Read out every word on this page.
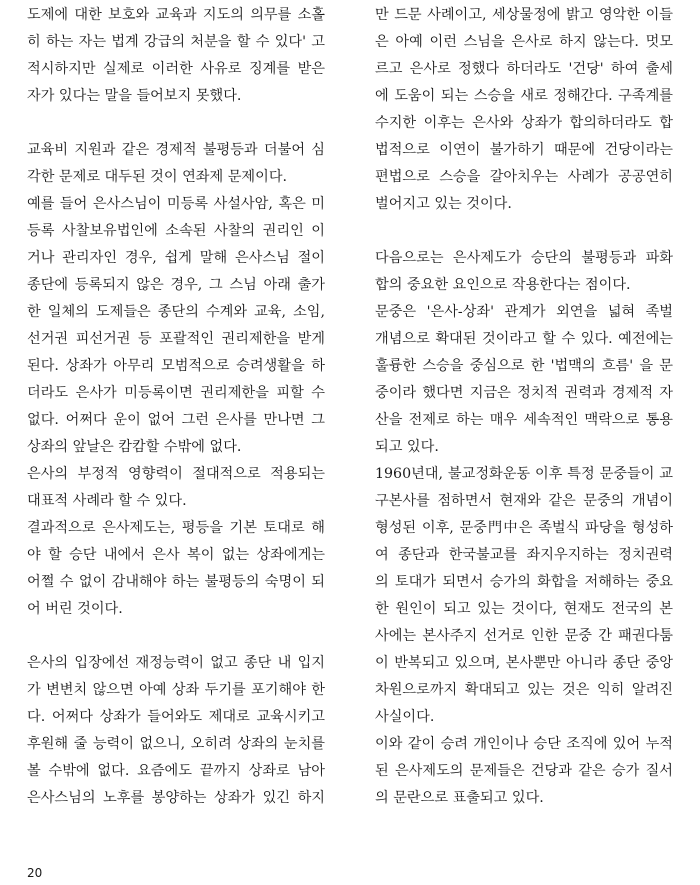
도제에 대한 보호와 교육과 지도의 의무를 소홀
히 하는 자는 법계 강급의 처분을 할 수 있다' 고
적시하지만 실제로 이러한 사유로 징계를 받은
자가 있다는 말을 들어보지 못했다.

교육비 지원과 같은 경제적 불평등과 더불어 심
각한 문제로 대두된 것이 연좌제 문제이다.

예를 들어 은사스님이 미등록 사설사암, 혹은 미
등록 사찰보유법인에 소속된 사찰의 권리인 이
거나 관리자인 경우, 쉽게 말해 은사스님 절이
종단에 등록되지 않은 경우, 그 스님 아래 출가
한 일체의 도제들은 종단의 수계와 교육, 소임,
선거권 피선거권 등 포괄적인 권리제한을 받게
된다. 상좌가 아무리 모범적으로 승려생활을 하
더라도 은사가 미등록이면 권리제한을 피할 수
없다. 어쩌다 운이 없어 그런 은사를 만나면 그
상좌의 앞날은 캄캄할 수밖에 없다.

은사의 부정적 영향력이 절대적으로 적용되는
대표적 사례라 할 수 있다.

결과적으로 은사제도는, 평등을 기본 토대로 해
야 할 승단 내에서 은사 복이 없는 상좌에게는
어쩔 수 없이 감내해야 하는 불평등의 숙명이 되
어 버린 것이다.

은사의 입장에선 재정능력이 없고 종단 내 입지
가 변변치 않으면 아예 상좌 두기를 포기해야 한
다. 어쩌다 상좌가 들어와도 제대로 교육시키고
후원해 줄 능력이 없으니, 오히려 상좌의 눈치를
볼 수밖에 없다. 요즘에도 끝까지 상좌로 남아
은사스님의 노후를 봉양하는 상좌가 있긴 하지

만 드문 사례이고, 세상물정에 밝고 영악한 이들
은 아예 이런 스님을 은사로 하지 않는다. 멋모
르고 은사로 정했다 하더라도 '건당' 하여 출세
에 도움이 되는 스승을 새로 정해간다. 구족계를
수지한 이후는 은사와 상좌가 합의하더라도 합
법적으로 이연이 불가하기 때문에 건당이라는
편법으로 스승을 갈아치우는 사례가 공공연히
벌어지고 있는 것이다.

다음으로는 은사제도가 승단의 불평등과 파화
합의 중요한 요인으로 작용한다는 점이다.

문중은 '은사-상좌' 관계가 외연을 넓혀 족벌
개념으로 확대된 것이라고 할 수 있다. 예전에는
훌륭한 스승을 중심으로 한 '법맥의 흐름' 을 문
중이라 했다면 지금은 정치적 권력과 경제적 자
산을 전제로 하는 매우 세속적인 맥락으로 통용
되고 있다.

1960년대, 불교정화운동 이후 특정 문중들이 교
구본사를 점하면서 현재와 같은 문중의 개념이
형성된 이후, 문중門中은 족벌식 파당을 형성하
여 종단과 한국불교를 좌지우지하는 정치권력
의 토대가 되면서 승가의 화합을 저해하는 중요
한 원인이 되고 있는 것이다, 현재도 전국의 본
사에는 본사주지 선거로 인한 문중 간 패권다툼
이 반복되고 있으며, 본사뿐만 아니라 종단 중앙
차원으로까지 확대되고 있는 것은 익히 알려진
사실이다.

이와 같이 승려 개인이나 승단 조직에 있어 누적
된 은사제도의 문제들은 건당과 같은 승가 질서
의 문란으로 표출되고 있다.

20
